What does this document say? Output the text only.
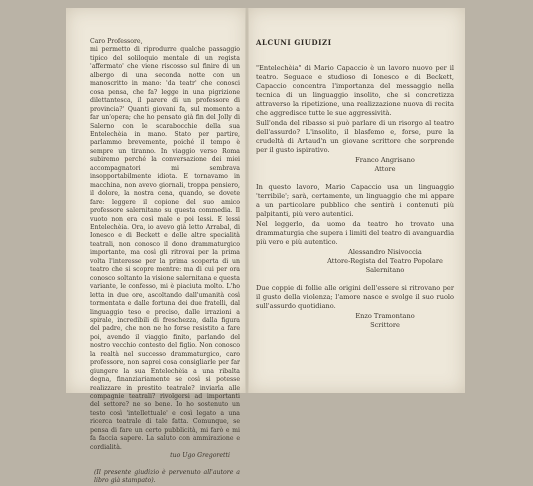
Caro Professore,

mi permetto di riprodurre qualche passaggio tipico del soliloquio mentale di un regista 'affermato' che viene riscosso sul finire di un albergo di una seconda notte con un manoscritto in mano: 'da teatr' che conosci cosa pensa, che fa? legge in una pigrizione dilettantesca, il parere di un professore di provincia?' Quanti giovani fa, sul momento a far un'opera; che ho pensato già fin del Jolly di Salerno con le scarabocchie della sua Entelechèia in mano. Stato per partire, parlammo brevemente, poiché il tempo è sempre un tiranno. In viaggio verso Roma subiremo perché la conversazione dei miei accompagnatori mi sembrava insopportabilmente idiota. E tornavamo in macchina, non avevo giornali, troppa pensiero, il dolore, la nostra cena, quando, se dovete fare: leggere il copione del suo amico professore salernitano su questa commedia. Il vuoto non era così male e poi lessi. E lessi Entelechèia. Ora, io avevo già letto Arrabal, di Ionesco e di Beckett e delle altre specialità teatrali, non conosco il dono drammaturgico importante, ma così gli ritrovai per la prima volta l'interesse per la prima scoperta di un teatro che si scopre mentre: ma di cui per ora conosco soltanto la visione salernitana e questa variante, le confesso, mi è piaciuta molto. L'ho letta in due ore, ascoltando dall'umanità così tormentata e dalle fortuna dei due fratelli, dal linguaggio teso e preciso, dalle irrazioni a spirale, incredibili di freschezza, dalla figura del padre, che non ne ho forse resistito a fare poi, avendo il viaggio finito, parlando del nostro vecchio contesto del figlio. Non conosco la realtà nel successo drammaturgico, caro professore, non saprei cosa consigliarle per far giungere la sua Entelechèia a una ribalta degna, finanziariamente se così si potesse realizzare in prestito teatrale? inviarla alle compagnie teatrali? rivolgersi ad importanti del settore? ne so bene. Io ho sostenuto un testo così 'intellettuale' e così legato a una ricerca teatrale di tale fatta. Comunque, se pensa di fare un certo pubblicità, mi farò e mi fa faccia sapere. La saluto con ammirazione e cordialità.

tuo Ugo Gregoretti

(Il presente giudizio è pervenuto all'autore a libro già stampato).

ALCUNI GIUDIZI

"Entelechèia" di Mario Capaccio è un lavoro nuovo per il teatro. Seguace e studioso di Ionesco e di Beckett, Capaccio concentra l'importanza del messaggio nella tecnica di un linguaggio insolito, che si concretizza attraverso la ripetizione, una realizzazione nuova di recita che aggredisce tutte le sue aggressività.

Sull'onda del ribasso si può parlare di un risorgo al teatro dell'assurdo? L'insolito, il blasfemo e, forse, pure la crudeltà di Artaud'n un giovane scrittore che sorprende per il gusto ispirativo.

Franco Angrisano

Attore

In questo lavoro, Mario Capaccio usa un linguaggio 'terribile'; sarà, certamente, un linguaggio che mi appare a un particolare pubblico che sentirà i contenuti più palpitanti, più vero autentici.

Nel leggerlo, da uomo da teatro ho trovato una drammaturgia che supera i limiti del teatro di avanguardia più vero e più autentico.

Alessandro Nisivoccia

Attore-Regista del Teatro Popolare Salernitano

Due coppie di follie alle origini dell'essere si ritrovano per il gusto della violenza; l'amore nasce e svolge il suo ruolo sull'assurdo quotidiano.

Enzo Tramontano

Scrittore
